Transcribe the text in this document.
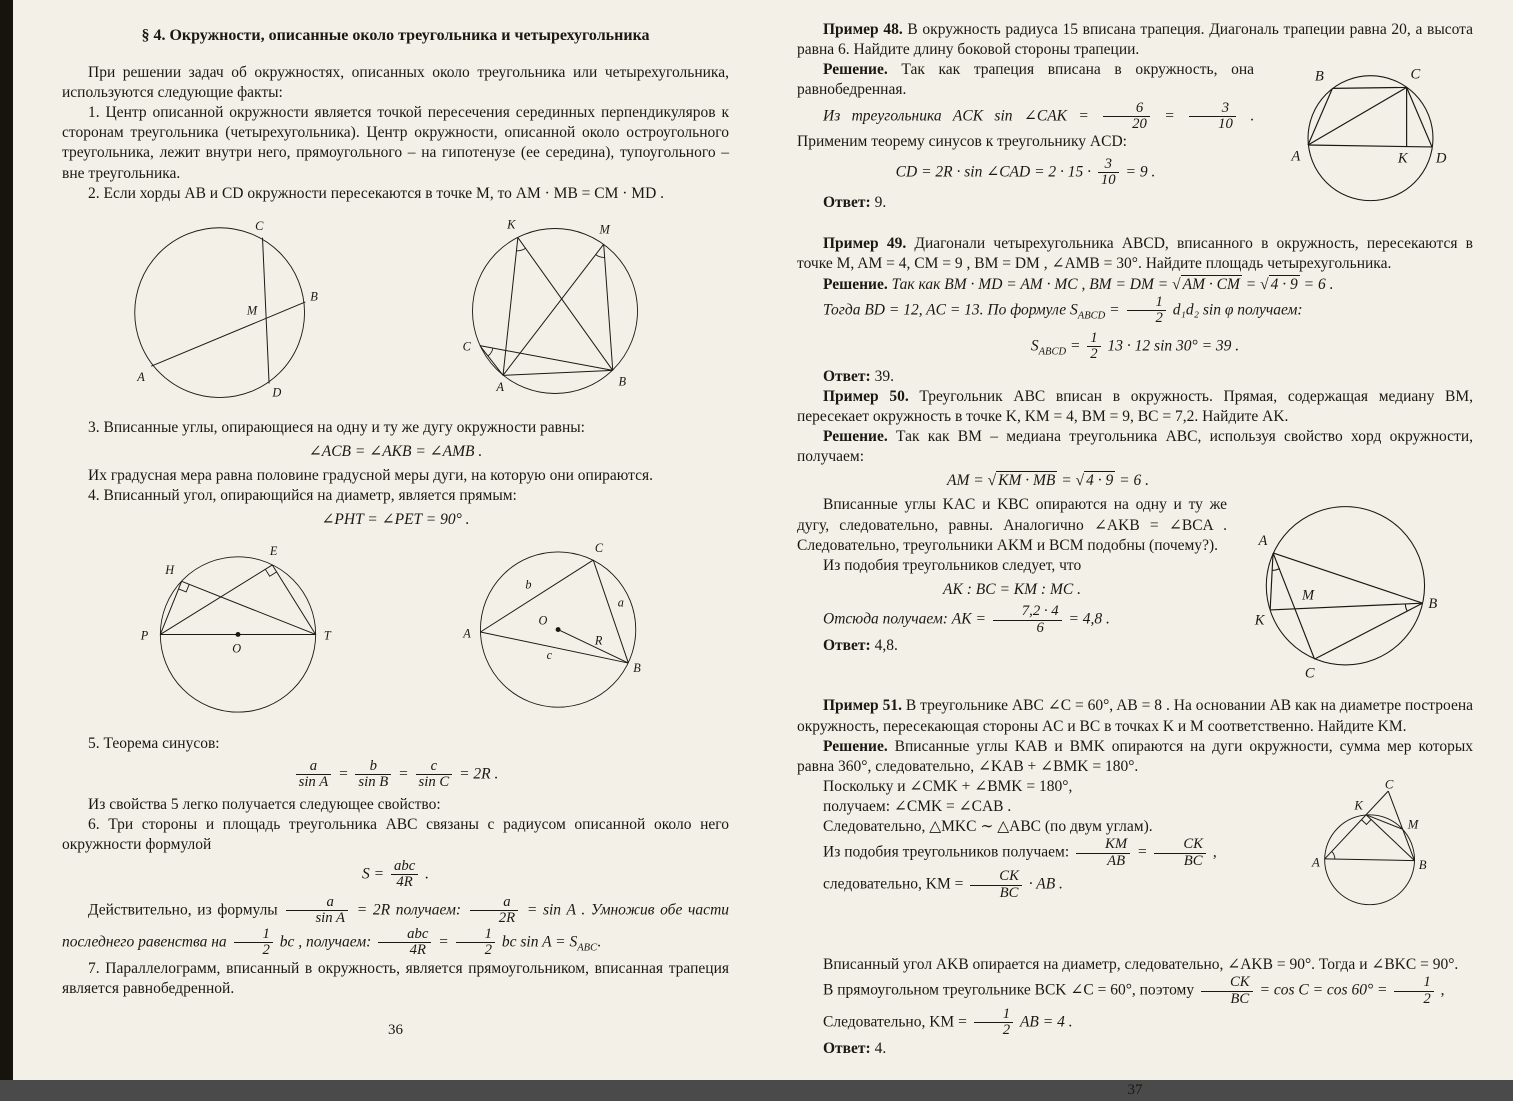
§ 4. Окружности, описанные около треугольника и четырехугольника

При решении задач об окружностях, описанных около треугольника или четырехугольника, используются следующие факты:

1. Центр описанной окружности является точкой пересечения серединных перпендикуляров к сторонам треугольника (четырехугольника). Центр окружности, описанной около остроугольного треугольника, лежит внутри него, прямоугольного – на гипотенузе (ее середина), тупоугольного – вне треугольника.

2. Если хорды AB и CD окружности пересекаются в точке M, то AM · MB = CM · MD .

C
B
M
D
A
K	M
C
A	B

3. Вписанные углы, опирающиеся на одну и ту же дугу окружности равны:

∠ACB = ∠AKB = ∠AMB .

Их градусная мера равна половине градусной меры дуги, на которую они опираются.

4. Вписанный угол, опирающийся на диаметр, является прямым:

∠PHT = ∠PET = 90° .

H
E
P	T
O
C
A
B
O
R
b
a
c

5. Теорема синусов:

$\frac{a}{\text{sin A}} = \frac{b}{\text{sin B}} = \frac{c}{\text{sin C}} = 2R$ .

Из свойства 5 легко получается следующее свойство:

6. Три стороны и площадь треугольника ABC связаны с радиусом описанной около него окружности формулой

$S = \frac{\text{abc}}{4R}$ .

Действительно, из формулы $\frac{a}{\text{sin A}} = 2R$ получаем: $\frac{a}{2R} = \sin A$ . Умножив обе части последнего равенства на $\frac{1}{2}$ bc , получаем: $\frac{\text{abc}}{4R} = \frac{1}{2}$ bc $\sin A = S_{ABC}$.

7. Параллелограмм, вписанный в окружность, является прямоугольником, вписанная трапеция является равнобедренной.

36

Пример 48. В окружность радиуса 15 вписана трапеция. Диагональ трапеции равна 20, а высота равна 6. Найдите длину боковой стороны трапеции.

B	C
A	K D

Решение. Так как трапеция вписана в окружность, она равнобедренная.

Из треугольника ACK sin ∠CAK = $\frac{6}{20} = \frac{3}{10}$ . Применим теорему синусов к треугольнику ACD:

CD = 2R · sin ∠CAD = $2 \cdot 15 \cdot \frac{3}{10} = 9$ .

Ответ: 9.

Пример 49. Диагонали четырехугольника ABCD, вписанного в окружность, пересекаются в точке M, AM = 4, CM = 9 , BM = DM , ∠AMB = 30°. Найдите площадь четырехугольника.

Решение. Так как BM · MD = AM · MC , BM = DM = √ AM · CM = √ 4 · 9 = 6 .

Тогда BD = 12, AC = 13. По формуле $S_{ABCD} = \frac{1}{2} d_1d_2$ sin φ получаем:

$S_{ABCD} = \frac{1}{2} 13 \cdot 12$ sin 30° = 39 .

Ответ: 39.

Пример 50. Треугольник ABC вписан в окружность. Прямая, содержащая медиану BM, пересекает окружность в точке K, KM = 4, BM = 9, BC = 7,2. Найдите AK.

Решение. Так как BM – медиана треугольника ABC, используя свойство хорд окружности, получаем:

AM = √ KM · MB = √ 4 · 9 = 6 .

A
M
B
K
C

Вписанные углы KAC и KBC опираются на одну и ту же дугу, следовательно, равны. Аналогично ∠AKB = ∠BCA . Следовательно, треугольники AKM и BCM подобны (почему?).

Из подобия треугольников следует, что

AK : BC = KM : MC .

Отсюда получаем: AK = $\frac{7,2 \cdot 4}{6} = 4,8$ .

Ответ: 4,8.

Пример 51. В треугольнике ABC ∠C = 60°, AB = 8 . На основании AB как на диаметре построена окружность, пересекающая стороны AC и BC в точках K и M соответственно. Найдите KM.

Решение. Вписанные углы KAB и BMK опираются на дуги окружности, сумма мер которых равна 360°, следовательно, ∠KAB + ∠BMK = 180°.

C
K
M
A	B

Поскольку и ∠CMK + ∠BMK = 180°,

получаем: ∠CMK = ∠CAB .

Следовательно, △MKC ∼ △ABC (по двум углам).

Из подобия треугольников получаем: $\frac{KM}{AB} = \frac{CK}{BC}$ ,

следовательно, KM = $\frac{CK}{BC}$ · AB .

Вписанный угол AKB опирается на диаметр, следовательно, ∠AKB = 90°. Тогда и ∠BKC = 90°.

В прямоугольном треугольнике BCK ∠C = 60°, поэтому $\frac{CK}{BC} = \cos C = \cos 60^\circ = \frac{1}{2}$ ,

Следовательно, KM = $\frac{1}{2}$ AB = 4 .

Ответ: 4.

37
